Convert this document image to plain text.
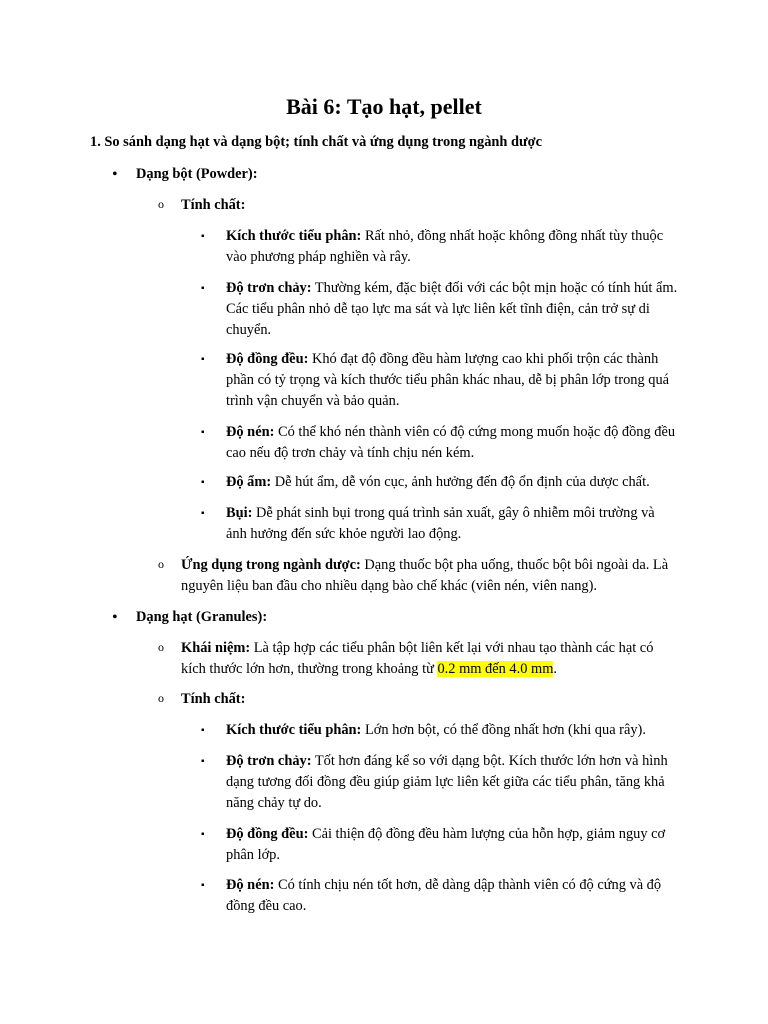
Bài 6: Tạo hạt, pellet
1. So sánh dạng hạt và dạng bột; tính chất và ứng dụng trong ngành dược
• Dạng bột (Powder):
o Tính chất:
▪ Kích thước tiểu phân: Rất nhỏ, đồng nhất hoặc không đồng nhất tùy thuộc vào phương pháp nghiền và rây.
▪ Độ trơn chảy: Thường kém, đặc biệt đối với các bột mịn hoặc có tính hút ẩm. Các tiểu phân nhỏ dễ tạo lực ma sát và lực liên kết tĩnh điện, cản trở sự di chuyển.
▪ Độ đồng đều: Khó đạt độ đồng đều hàm lượng cao khi phối trộn các thành phần có tỷ trọng và kích thước tiểu phân khác nhau, dễ bị phân lớp trong quá trình vận chuyển và bảo quản.
▪ Độ nén: Có thể khó nén thành viên có độ cứng mong muốn hoặc độ đồng đều cao nếu độ trơn chảy và tính chịu nén kém.
▪ Độ ẩm: Dễ hút ẩm, dễ vón cục, ảnh hưởng đến độ ổn định của dược chất.
▪ Bụi: Dễ phát sinh bụi trong quá trình sản xuất, gây ô nhiễm môi trường và ảnh hưởng đến sức khỏe người lao động.
o Ứng dụng trong ngành dược: Dạng thuốc bột pha uống, thuốc bột bôi ngoài da. Là nguyên liệu ban đầu cho nhiều dạng bào chế khác (viên nén, viên nang).
• Dạng hạt (Granules):
o Khái niệm: Là tập hợp các tiểu phân bột liên kết lại với nhau tạo thành các hạt có kích thước lớn hơn, thường trong khoảng từ 0.2 mm đến 4.0 mm.
o Tính chất:
▪ Kích thước tiểu phân: Lớn hơn bột, có thể đồng nhất hơn (khi qua rây).
▪ Độ trơn chảy: Tốt hơn đáng kể so với dạng bột. Kích thước lớn hơn và hình dạng tương đối đồng đều giúp giảm lực liên kết giữa các tiểu phân, tăng khả năng chảy tự do.
▪ Độ đồng đều: Cải thiện độ đồng đều hàm lượng của hỗn hợp, giảm nguy cơ phân lớp.
▪ Độ nén: Có tính chịu nén tốt hơn, dễ dàng dập thành viên có độ cứng và độ đồng đều cao.
